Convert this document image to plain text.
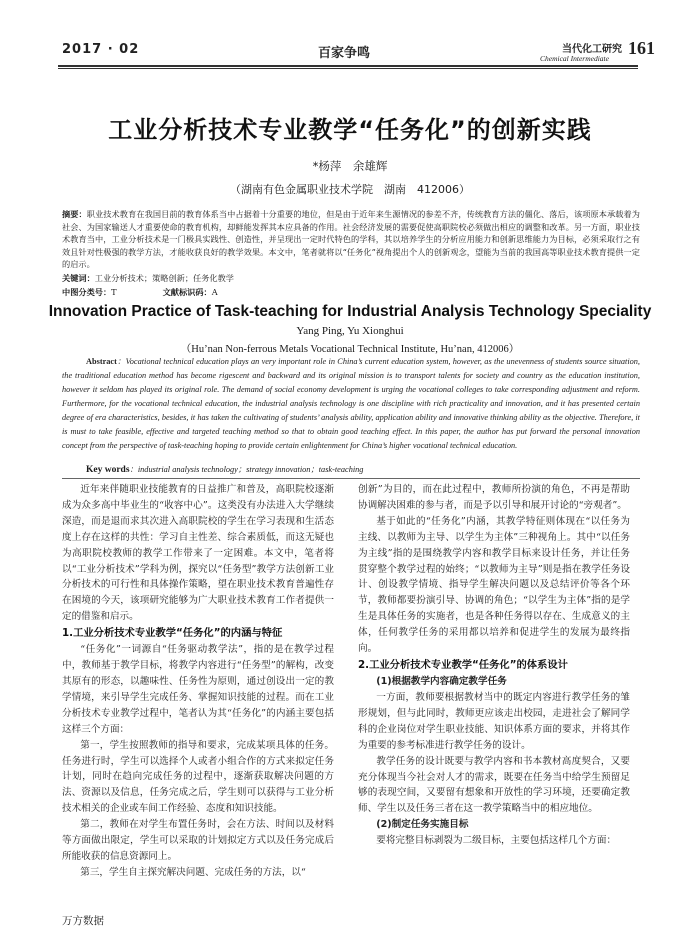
2017 · 02	百家争鸣	当代化工研究
Chemical Intermediate
161
工业分析技术专业教学“任务化”的创新实践
*杨萍　余雄辉
（湖南有色金属职业技术学院　湖南　412006）
摘要：职业技术教育在我国目前的教育体系当中占据着十分重要的地位，但是由于近年来生源情况的参差不齐，传统教育方法的僵化、落后，该项原本承载着为社会、为国家输送人才重要使命的教育机构，却鲜能发挥其本应具备的作用。社会经济发展的需要促使高职院校必须做出相应的调整和改革。另一方面，职业技术教育当中，工业分析技术是一门极具实践性、创造性，并呈现出一定时代特色的学科，其以培养学生的分析应用能力和创新思维能力为目标，必须采取行之有效且针对性极强的教学方法，才能收获良好的教学效果。本文中，笔者就将以“任务化”视角提出个人的创新观念，望能为当前的我国高等职业技术教育提供一定的启示。
关键词：工业分析技术；策略创新；任务化教学
中图分类号：T	文献标识码：A
Innovation Practice of Task-teaching for Industrial Analysis Technology Speciality
Yang Ping, Yu Xionghui
（Hu’nan Non-ferrous Metals Vocational Technical Institute, Hu’nan, 412006）
Abstract：Vocational technical education plays an very important role in China’s current education system, however, as the unevenness of students source situation, the traditional education method has become rigescent and backward and its original mission is to transport talents for society and country as the education institution, however it seldom has played its original role. The demand of social economy development is urging the vocational colleges to take corresponding adjustment and reform. Furthermore, for the vocational technical education, the industrial analysis technology is one discipline with rich practicality and innovation, and it has presented certain degree of era characteristics, besides, it has taken the cultivating of students’ analysis ability, application ability and innovative thinking ability as the objective. Therefore, it is must to take feasible, effective and targeted teaching method so that to obtain good teaching effect. In this paper, the author has put forward the personal innovation concept from the perspective of task-teaching hoping to provide certain enlightenment for China’s higher vocational technical education.
Key words：industrial analysis technology；strategy innovation；task-teaching

近年来伴随职业技能教育的日益推广和普及，高职院校逐渐成为众多高中毕业生的“收容中心”。这类没有办法进入大学继续深造，而是退而求其次进入高职院校的学生在学习表现和生活态度上存在这样的共性：学习自主性差、综合素质低，而这无疑也为高职院校教师的教学工作带来了一定困难。本文中，笔者将以“工业分析技术”学科为例，探究以“任务型”教学方法创新工业分析技术的可行性和具体操作策略，望在职业技术教育普遍性存在困境的今天，该项研究能够为广大职业技术教育工作者提供一定的借鉴和启示。

1.工业分析技术专业教学“任务化”的内涵与特征

“任务化”一词源自“任务驱动教学法”，指的是在教学过程中，教师基于教学目标，将教学内容进行“任务型”的解构，改变其原有的形态，以趣味性、任务性为原则，通过创设出一定的教学情境，来引导学生完成任务、掌握知识技能的过程。而在工业分析技术专业教学过程中，笔者认为其“任务化”的内涵主要包括这样三个方面：

第一，学生按照教师的指导和要求，完成某项具体的任务。任务进行时，学生可以选择个人或者小组合作的方式来拟定任务计划，同时在趋向完成任务的过程中，逐渐获取解决问题的方法、资源以及信息，任务完成之后，学生则可以获得与工业分析技术相关的企业或车间工作经验、态度和知识技能。

第二，教师在对学生布置任务时，会在方法、时间以及材料等方面做出限定，学生可以采取的计划拟定方式以及任务完成后所能收获的信息资源同上。

第三，学生自主探究解决问题、完成任务的方法，以“

创新”为目的，而在此过程中，教师所扮演的角色，不再是帮助协调解决困难的参与者，而是予以引导和展开讨论的“旁观者”。

基于如此的“任务化”内涵，其教学特征则体现在“以任务为主线、以教师为主导、以学生为主体”三种视角上。其中“以任务为主线”指的是围绕教学内容和教学目标来设计任务，并让任务贯穿整个教学过程的始终；“以教师为主导”则是指在教学任务设计、创设教学情境、指导学生解决问题以及总结评价等各个环节，教师都要扮演引导、协调的角色；“以学生为主体”指的是学生是具体任务的实施者，也是各种任务得以存在、生成意义的主体，任何教学任务的采用都以培养和促进学生的发展为最终指向。

2.工业分析技术专业教学“任务化”的体系设计
(1)根据教学内容确定教学任务

一方面，教师要根据教材当中的既定内容进行教学任务的雏形规划，但与此同时，教师更应该走出校园，走进社会了解同学科的企业岗位对学生职业技能、知识体系方面的要求，并将其作为重要的参考标准进行教学任务的设计。

教学任务的设计既要与教学内容和书本教材高度契合，又要充分体现当今社会对人才的需求，既要在任务当中给学生预留足够的表现空间，又要留有想象和开放性的学习环境，还要确定教师、学生以及任务三者在这一教学策略当中的相应地位。

(2)制定任务实施目标

要将完整目标剥裂为二级目标，主要包括这样几个方面：

万方数据
